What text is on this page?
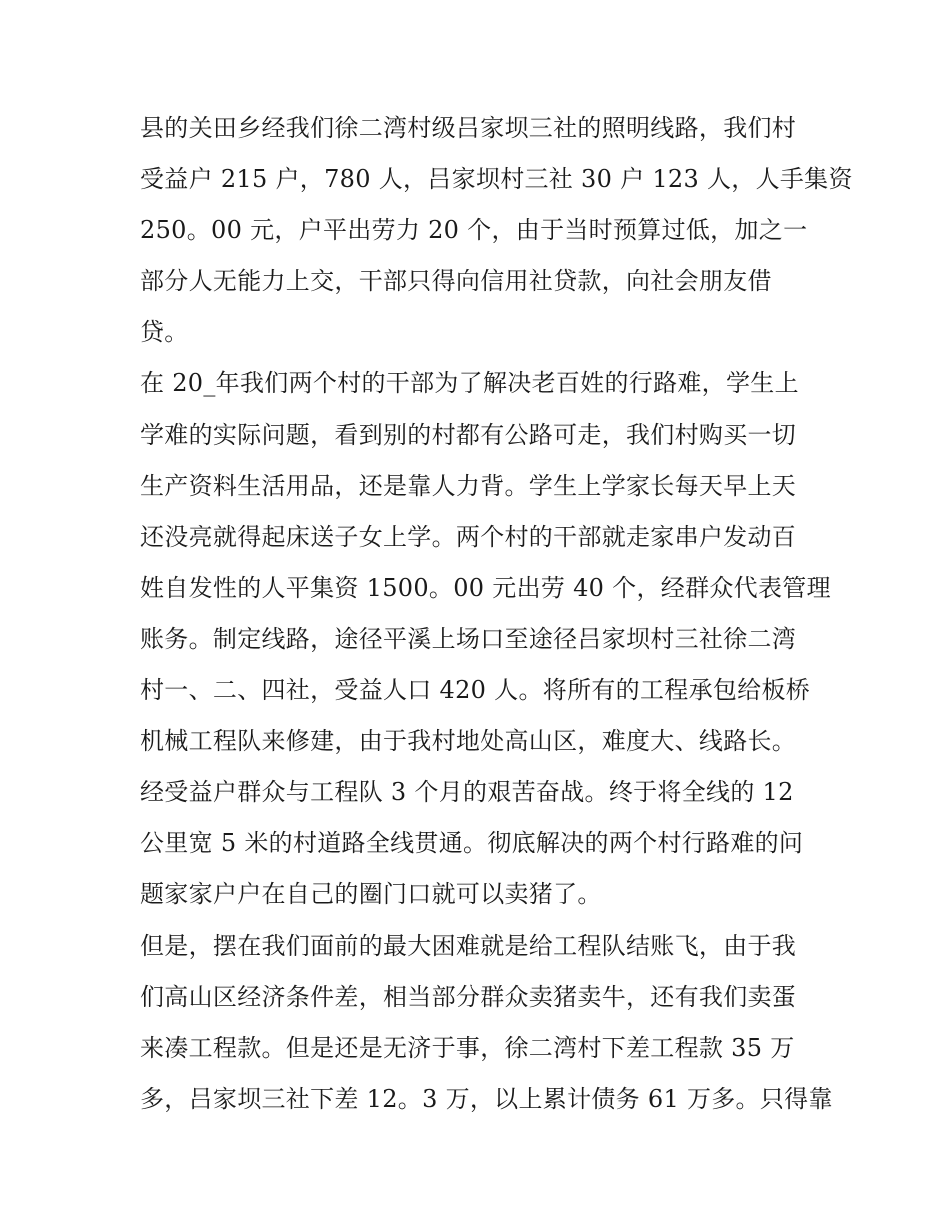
县的关田乡经我们徐二湾村级吕家坝三社的照明线路，我们村
受益户 215 户，780 人，吕家坝村三社 30 户 123 人，人手集资
250。00 元，户平出劳力 20 个，由于当时预算过低，加之一
部分人无能力上交，干部只得向信用社贷款，向社会朋友借
贷。
在 20_年我们两个村的干部为了解决老百姓的行路难，学生上
学难的实际问题，看到别的村都有公路可走，我们村购买一切
生产资料生活用品，还是靠人力背。学生上学家长每天早上天
还没亮就得起床送子女上学。两个村的干部就走家串户发动百
姓自发性的人平集资 1500。00 元出劳 40 个，经群众代表管理
账务。制定线路，途径平溪上场口至途径吕家坝村三社徐二湾
村一、二、四社，受益人口 420 人。将所有的工程承包给板桥
机械工程队来修建，由于我村地处高山区，难度大、线路长。
经受益户群众与工程队 3 个月的艰苦奋战。终于将全线的 12
公里宽 5 米的村道路全线贯通。彻底解决的两个村行路难的问
题家家户户在自己的圈门口就可以卖猪了。
但是，摆在我们面前的最大困难就是给工程队结账飞，由于我
们高山区经济条件差，相当部分群众卖猪卖牛，还有我们卖蛋
来凑工程款。但是还是无济于事，徐二湾村下差工程款 35 万
多，吕家坝三社下差 12。3 万，以上累计债务 61 万多。只得靠
